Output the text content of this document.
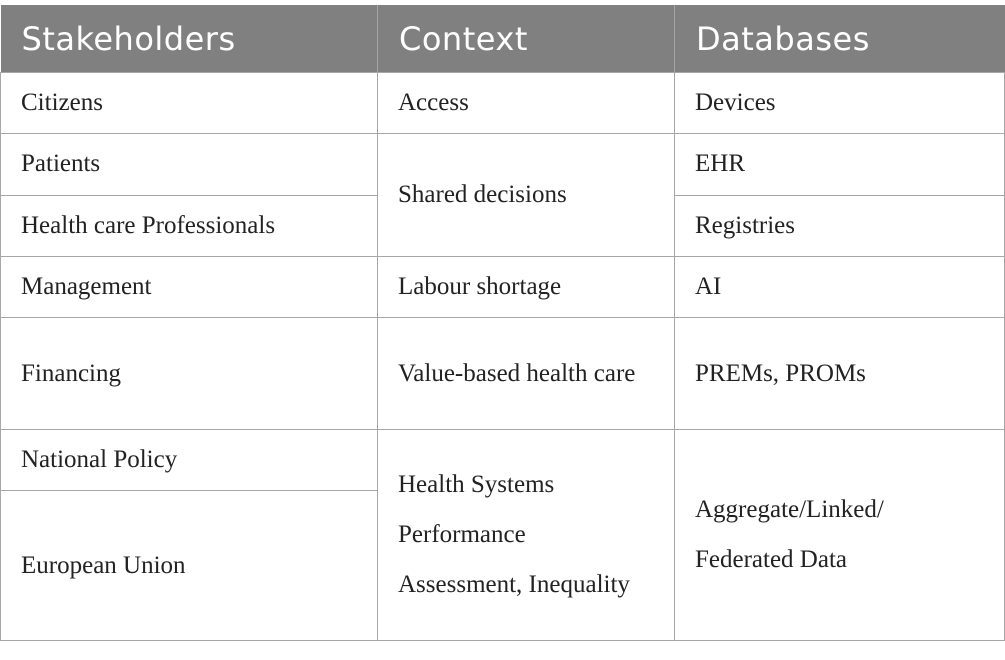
Stakeholders	Context	Databases
Citizens	Access	Devices
Patients	Shared decisions	EHR
Health care Professionals		Registries
Management	Labour shortage	AI
Financing	Value-based health care	PREMs, PROMs
National Policy	Health Systems Performance Assessment, Inequality	Aggregate/Linked/ Federated Data
European Union		
